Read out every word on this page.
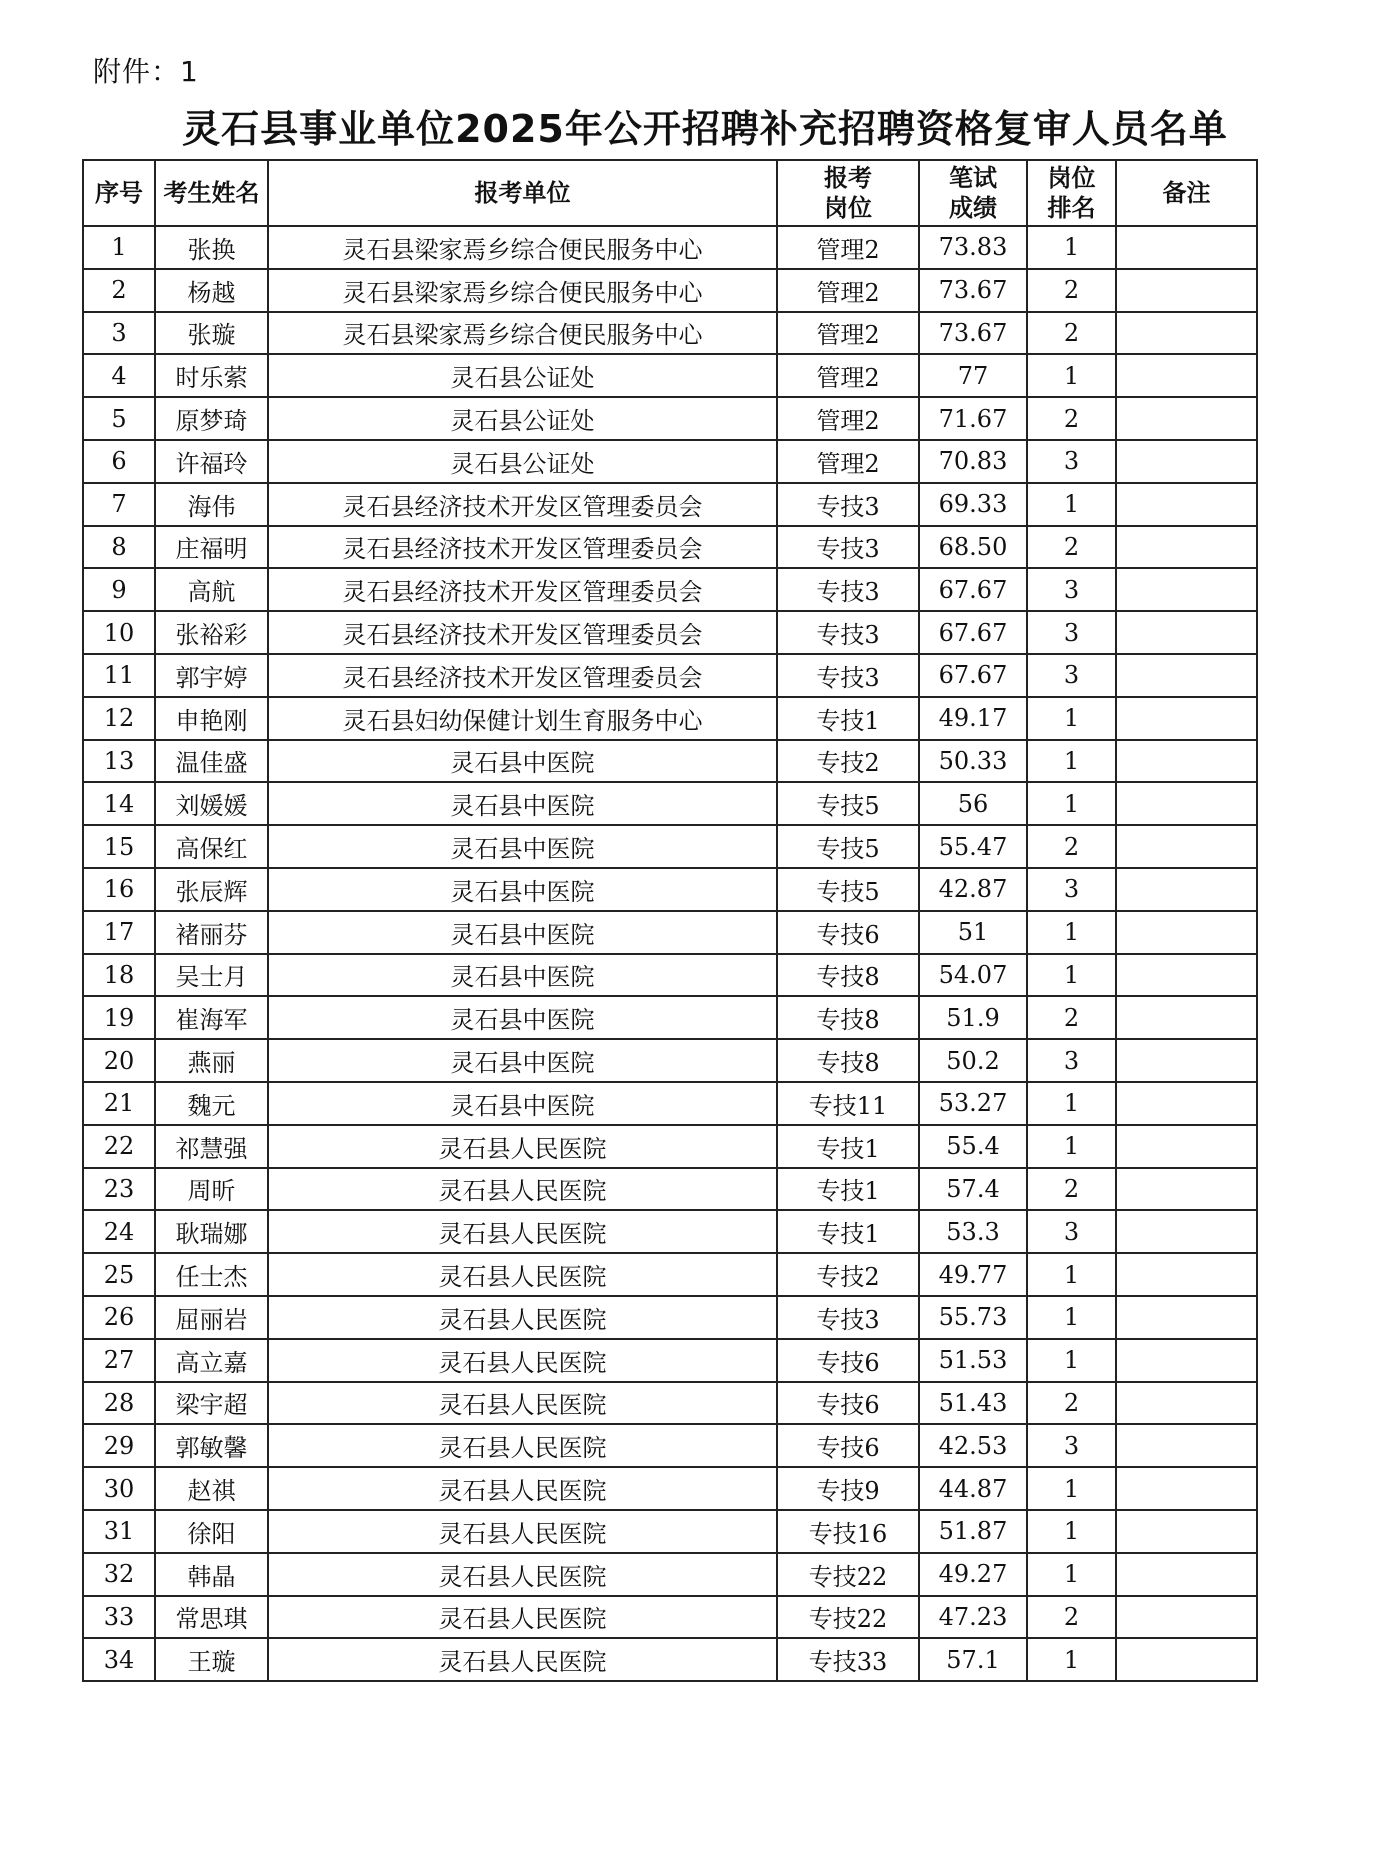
附件：1
灵石县事业单位2025年公开招聘补充招聘资格复审人员名单
序号	考生姓名	报考单位	报考岗位	笔试成绩	岗位排名	备注
1	张换	灵石县梁家焉乡综合便民服务中心	管理2	73.83	1	
2	杨越	灵石县梁家焉乡综合便民服务中心	管理2	73.67	2	
3	张璇	灵石县梁家焉乡综合便民服务中心	管理2	73.67	2	
4	时乐萦	灵石县公证处	管理2	77	1	
5	原梦琦	灵石县公证处	管理2	71.67	2	
6	许福玲	灵石县公证处	管理2	70.83	3	
7	海伟	灵石县经济技术开发区管理委员会	专技3	69.33	1	
8	庄福明	灵石县经济技术开发区管理委员会	专技3	68.50	2	
9	高航	灵石县经济技术开发区管理委员会	专技3	67.67	3	
10	张裕彩	灵石县经济技术开发区管理委员会	专技3	67.67	3	
11	郭宇婷	灵石县经济技术开发区管理委员会	专技3	67.67	3	
12	申艳刚	灵石县妇幼保健计划生育服务中心	专技1	49.17	1	
13	温佳盛	灵石县中医院	专技2	50.33	1	
14	刘媛媛	灵石县中医院	专技5	56	1	
15	高保红	灵石县中医院	专技5	55.47	2	
16	张辰辉	灵石县中医院	专技5	42.87	3	
17	褚丽芬	灵石县中医院	专技6	51	1	
18	吴士月	灵石县中医院	专技8	54.07	1	
19	崔海军	灵石县中医院	专技8	51.9	2	
20	燕丽	灵石县中医院	专技8	50.2	3	
21	魏元	灵石县中医院	专技11	53.27	1	
22	祁慧强	灵石县人民医院	专技1	55.4	1	
23	周昕	灵石县人民医院	专技1	57.4	2	
24	耿瑞娜	灵石县人民医院	专技1	53.3	3	
25	任士杰	灵石县人民医院	专技2	49.77	1	
26	屈丽岩	灵石县人民医院	专技3	55.73	1	
27	高立嘉	灵石县人民医院	专技6	51.53	1	
28	梁宇超	灵石县人民医院	专技6	51.43	2	
29	郭敏馨	灵石县人民医院	专技6	42.53	3	
30	赵祺	灵石县人民医院	专技9	44.87	1	
31	徐阳	灵石县人民医院	专技16	51.87	1	
32	韩晶	灵石县人民医院	专技22	49.27	1	
33	常思琪	灵石县人民医院	专技22	47.23	2	
34	王璇	灵石县人民医院	专技33	57.1	1	
